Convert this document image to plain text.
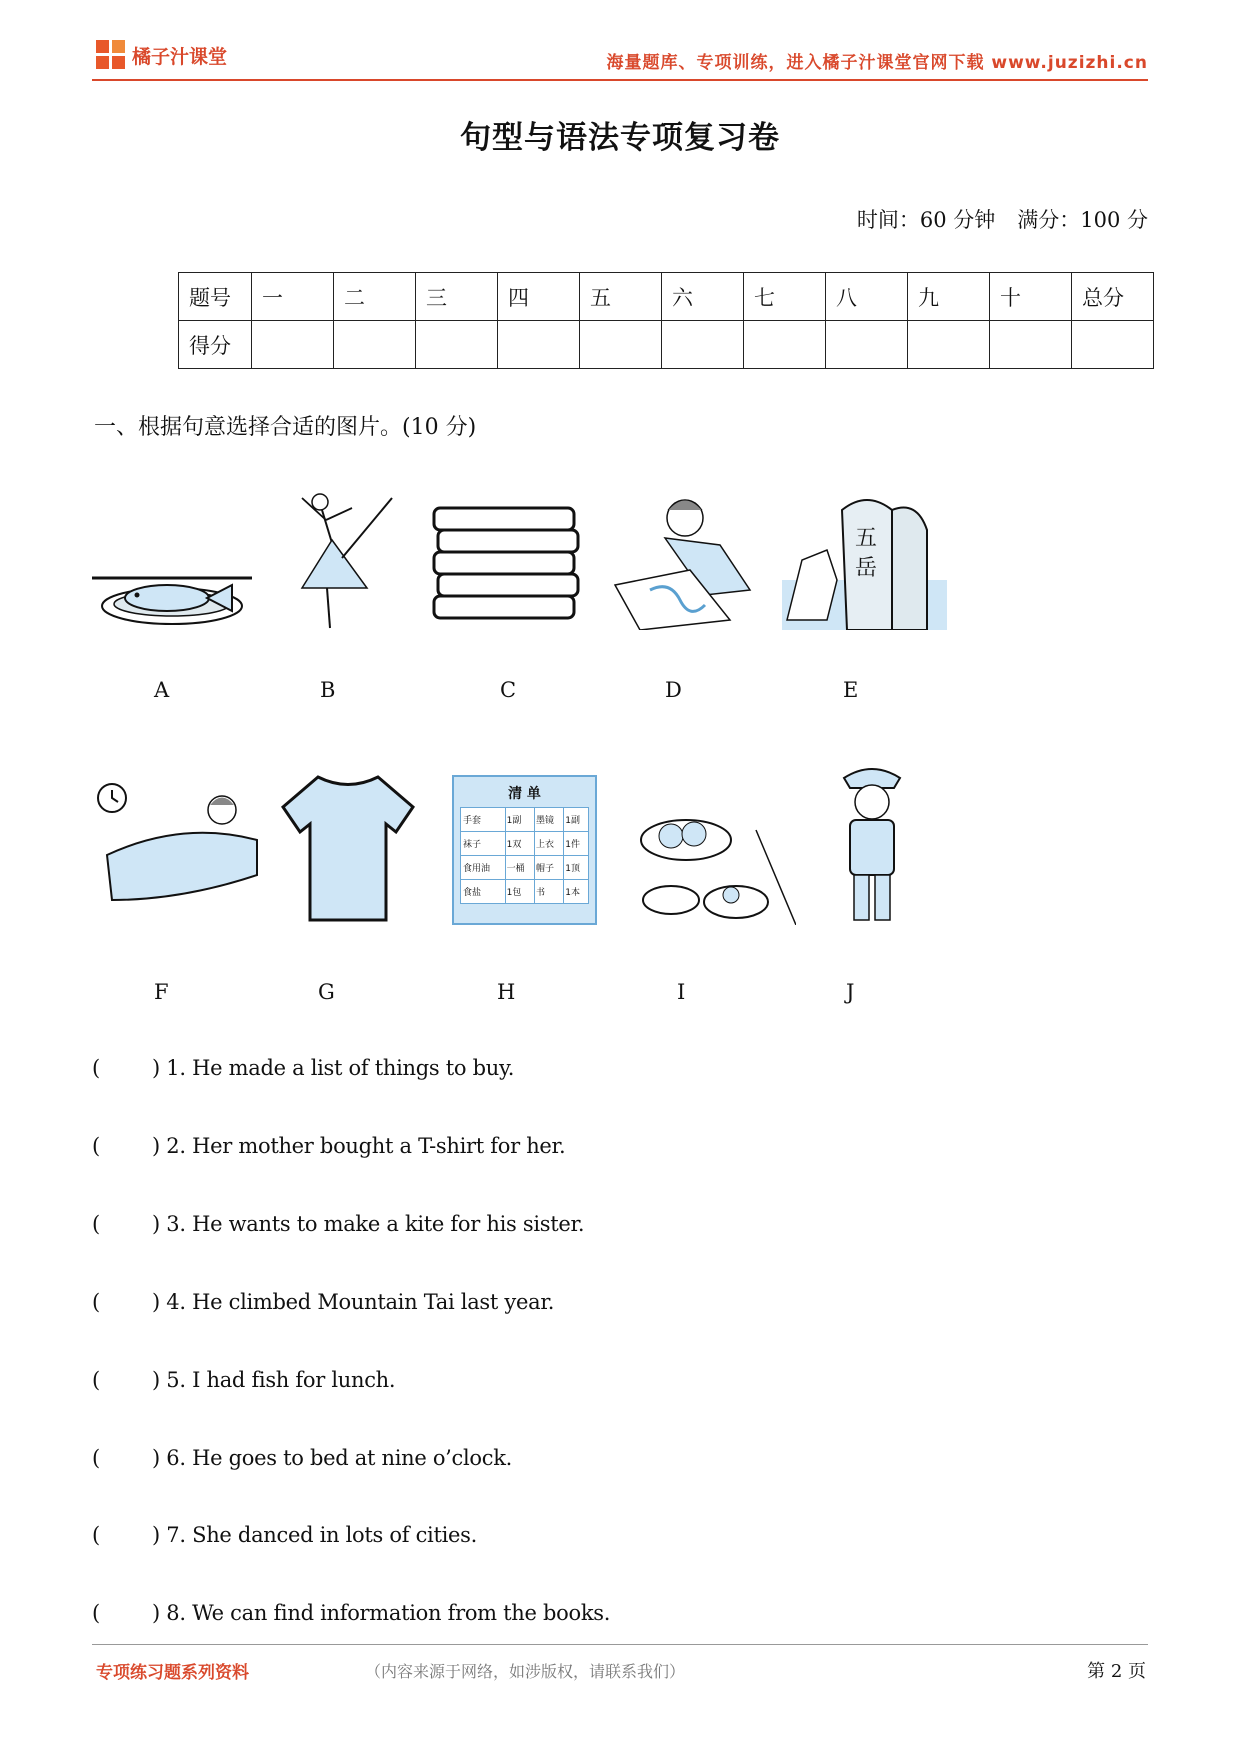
橘子汁课堂	海量题库、专项训练，进入橘子汁课堂官网下载 www.juzizhi.cn
句型与语法专项复习卷
时间：60 分钟 满分：100 分
题号	一	二	三	四	五	六	七	八	九	十	总分
得分											
一、根据句意选择合适的图片。(10 分)
五
岳
A	B	C	D	E
清 单
手套	1副	墨镜	1副
袜子	1双	上衣	1件
食用油	一桶	帽子	1顶
食盐	1包	书	1本
F	G	H	I	J
( ) 1. He made a list of things to buy.
( ) 2. Her mother bought a T-shirt for her.
( ) 3. He wants to make a kite for his sister.
( ) 4. He climbed Mountain Tai last year.
( ) 5. I had fish for lunch.
( ) 6. He goes to bed at nine o’clock.
( ) 7. She danced in lots of cities.
( ) 8. We can find information from the books.
专项练习题系列资料	（内容来源于网络，如涉版权，请联系我们）	第 2 页
